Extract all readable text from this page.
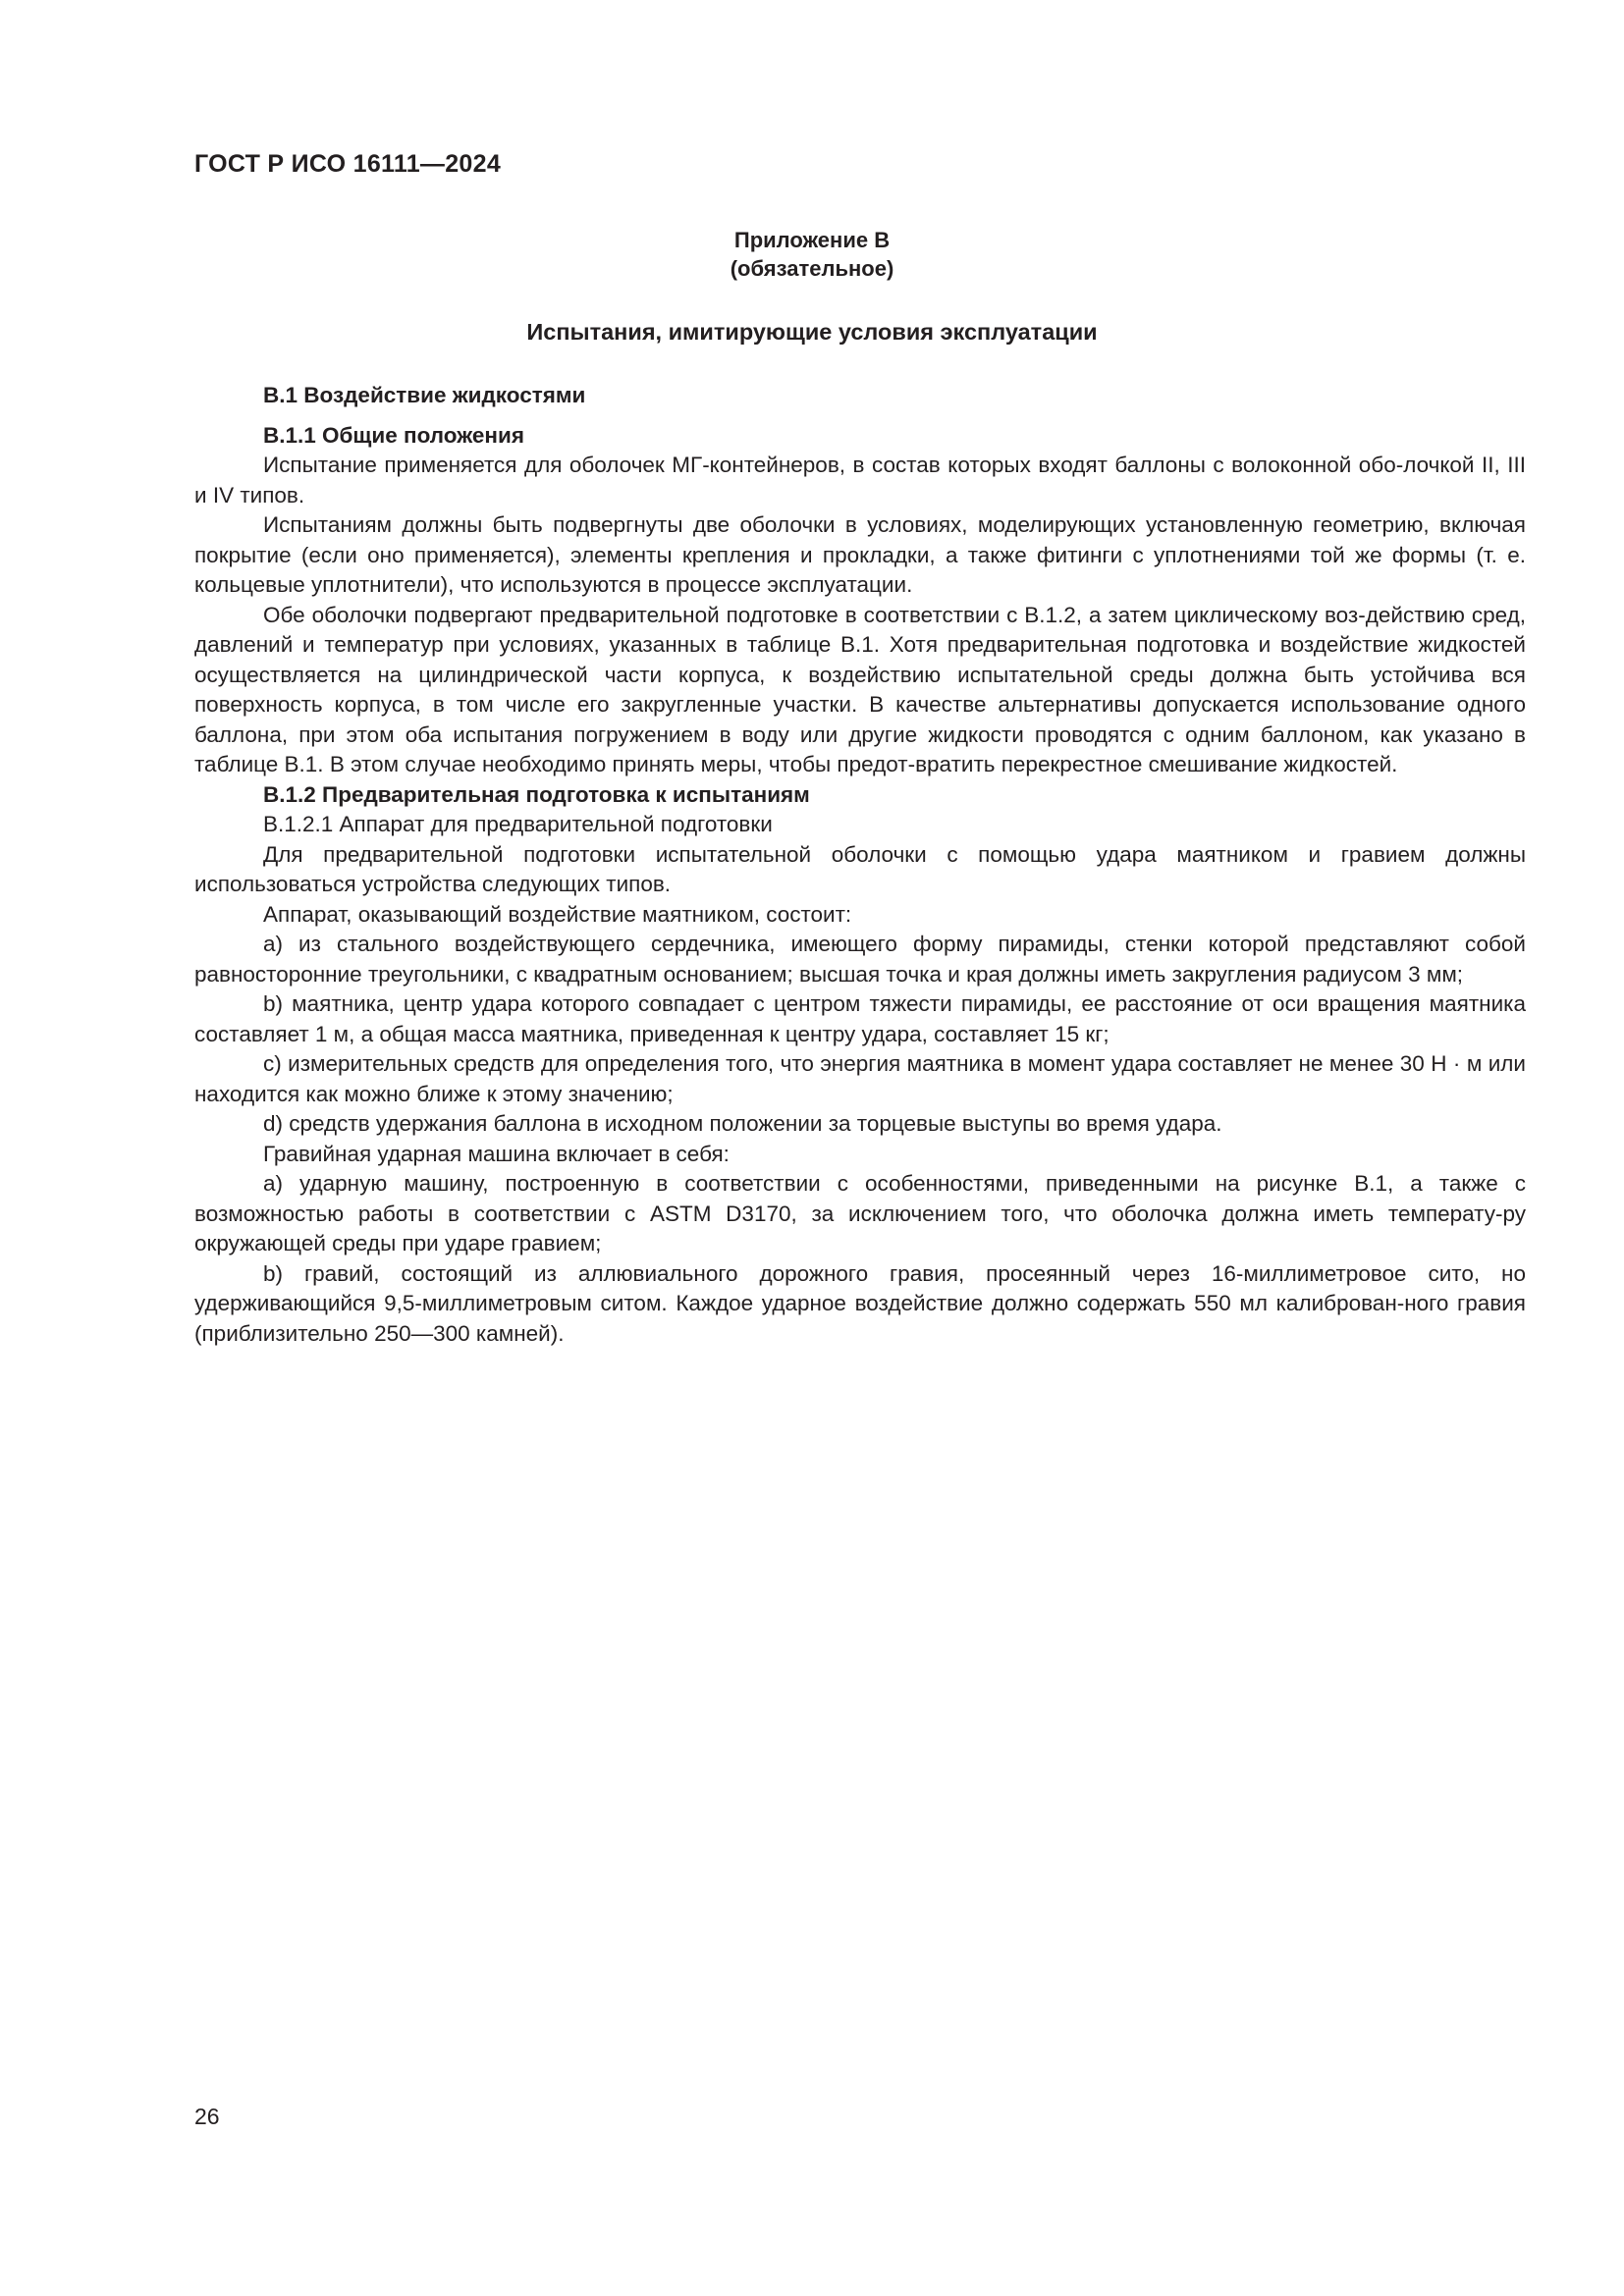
ГОСТ Р ИСО 16111—2024
Приложение В
(обязательное)
Испытания, имитирующие условия эксплуатации

В.1 Воздействие жидкостями

В.1.1 Общие положения

Испытание применяется для оболочек МГ-контейнеров, в состав которых входят баллоны с волоконной обо-лочкой II, III и IV типов.

Испытаниям должны быть подвергнуты две оболочки в условиях, моделирующих установленную геометрию, включая покрытие (если оно применяется), элементы крепления и прокладки, а также фитинги с уплотнениями той же формы (т. е. кольцевые уплотнители), что используются в процессе эксплуатации.

Обе оболочки подвергают предварительной подготовке в соответствии с В.1.2, а затем циклическому воз-действию сред, давлений и температур при условиях, указанных в таблице В.1. Хотя предварительная подготовка и воздействие жидкостей осуществляется на цилиндрической части корпуса, к воздействию испытательной среды должна быть устойчива вся поверхность корпуса, в том числе его закругленные участки. В качестве альтернативы допускается использование одного баллона, при этом оба испытания погружением в воду или другие жидкости проводятся с одним баллоном, как указано в таблице В.1. В этом случае необходимо принять меры, чтобы предот-вратить перекрестное смешивание жидкостей.

В.1.2 Предварительная подготовка к испытаниям

В.1.2.1 Аппарат для предварительной подготовки

Для предварительной подготовки испытательной оболочки с помощью удара маятником и гравием должны использоваться устройства следующих типов.

Аппарат, оказывающий воздействие маятником, состоит:

a) из стального воздействующего сердечника, имеющего форму пирамиды, стенки которой представляют собой равносторонние треугольники, с квадратным основанием; высшая точка и края должны иметь закругления радиусом 3 мм;

b) маятника, центр удара которого совпадает с центром тяжести пирамиды, ее расстояние от оси вращения маятника составляет 1 м, а общая масса маятника, приведенная к центру удара, составляет 15 кг;

c) измерительных средств для определения того, что энергия маятника в момент удара составляет не менее 30 Н · м или находится как можно ближе к этому значению;

d) средств удержания баллона в исходном положении за торцевые выступы во время удара.

Гравийная ударная машина включает в себя:

a) ударную машину, построенную в соответствии с особенностями, приведенными на рисунке В.1, а также с возможностью работы в соответствии с ASTM D3170, за исключением того, что оболочка должна иметь температу-ру окружающей среды при ударе гравием;

b) гравий, состоящий из аллювиального дорожного гравия, просеянный через 16-миллиметровое сито, но удерживающийся 9,5-миллиметровым ситом. Каждое ударное воздействие должно содержать 550 мл калиброван-ного гравия (приблизительно 250—300 камней).

26
